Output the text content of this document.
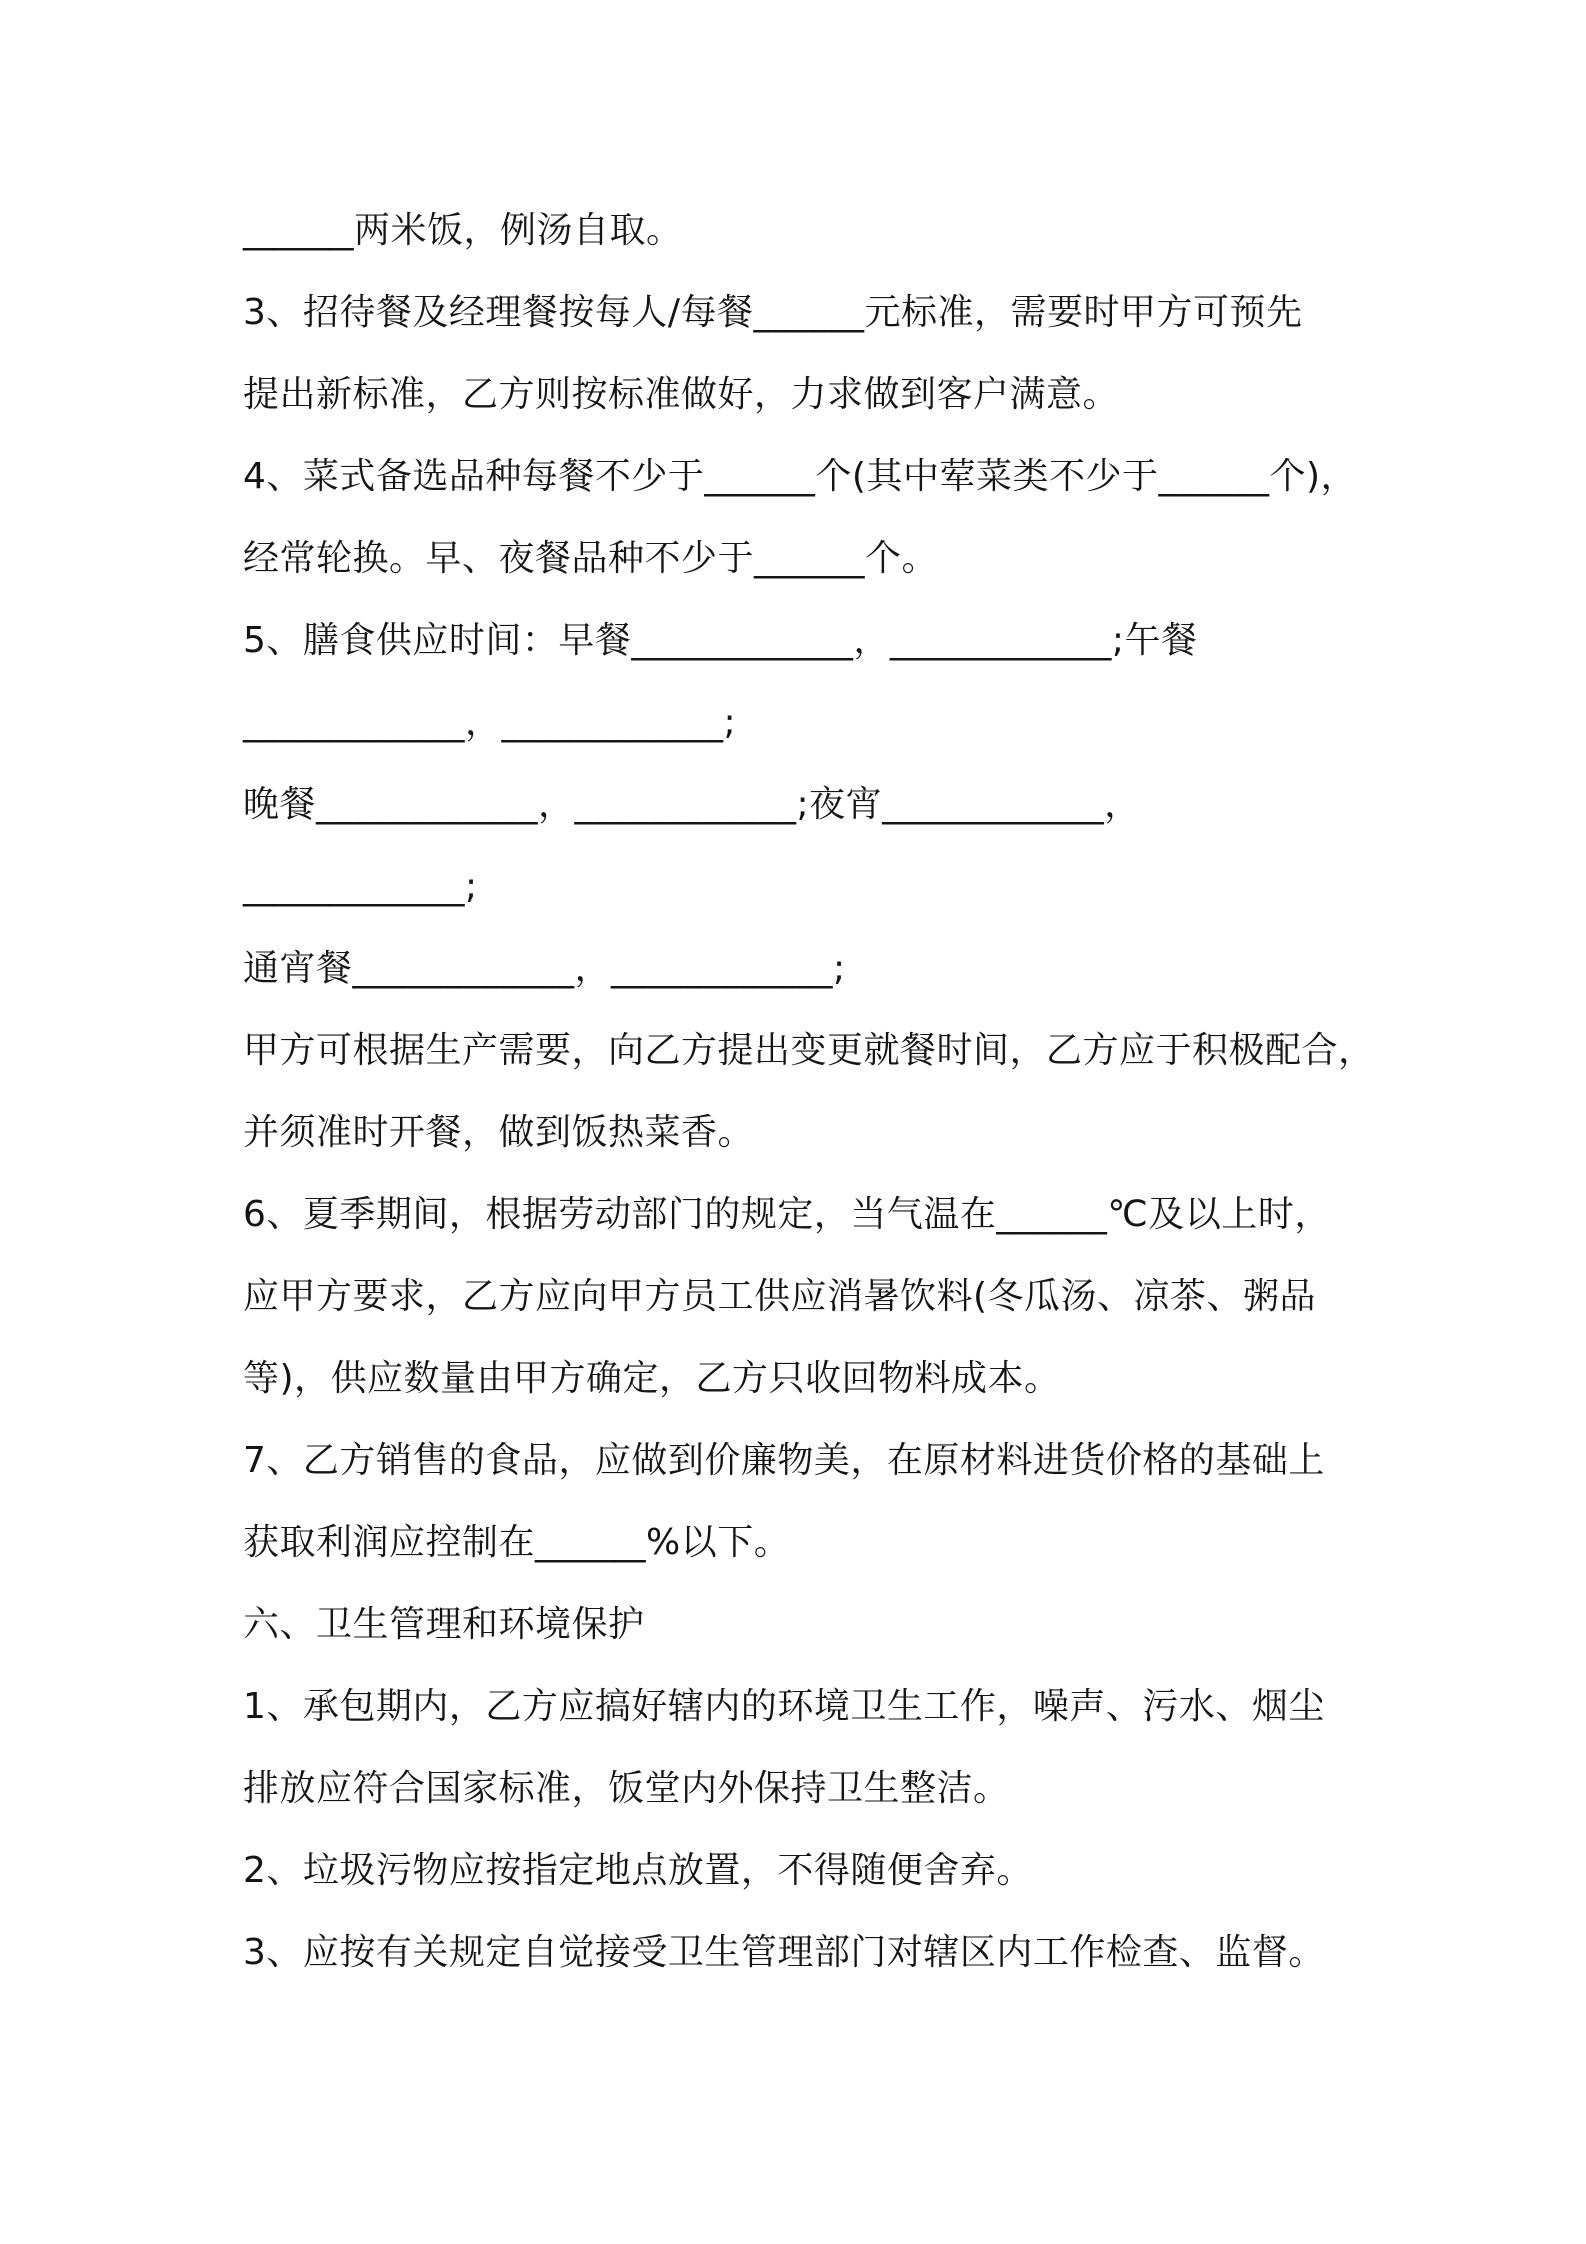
______两米饭，例汤自取。
3、招待餐及经理餐按每人/每餐______元标准，需要时甲方可预先
提出新标准，乙方则按标准做好，力求做到客户满意。
4、菜式备选品种每餐不少于______个(其中荤菜类不少于______个)，
经常轮换。早、夜餐品种不少于______个。
5、膳食供应时间：早餐____________，____________;午餐
____________，____________;
晚餐____________，____________;夜宵____________，
____________;
通宵餐____________，____________;
甲方可根据生产需要，向乙方提出变更就餐时间，乙方应于积极配合，
并须准时开餐，做到饭热菜香。
6、夏季期间，根据劳动部门的规定，当气温在______℃及以上时，
应甲方要求，乙方应向甲方员工供应消暑饮料(冬瓜汤、凉茶、粥品
等)，供应数量由甲方确定，乙方只收回物料成本。
7、乙方销售的食品，应做到价廉物美，在原材料进货价格的基础上
获取利润应控制在______%以下。
六、卫生管理和环境保护
1、承包期内，乙方应搞好辖内的环境卫生工作，噪声、污水、烟尘
排放应符合国家标准，饭堂内外保持卫生整洁。
2、垃圾污物应按指定地点放置，不得随便舍弃。
3、应按有关规定自觉接受卫生管理部门对辖区内工作检查、监督。
